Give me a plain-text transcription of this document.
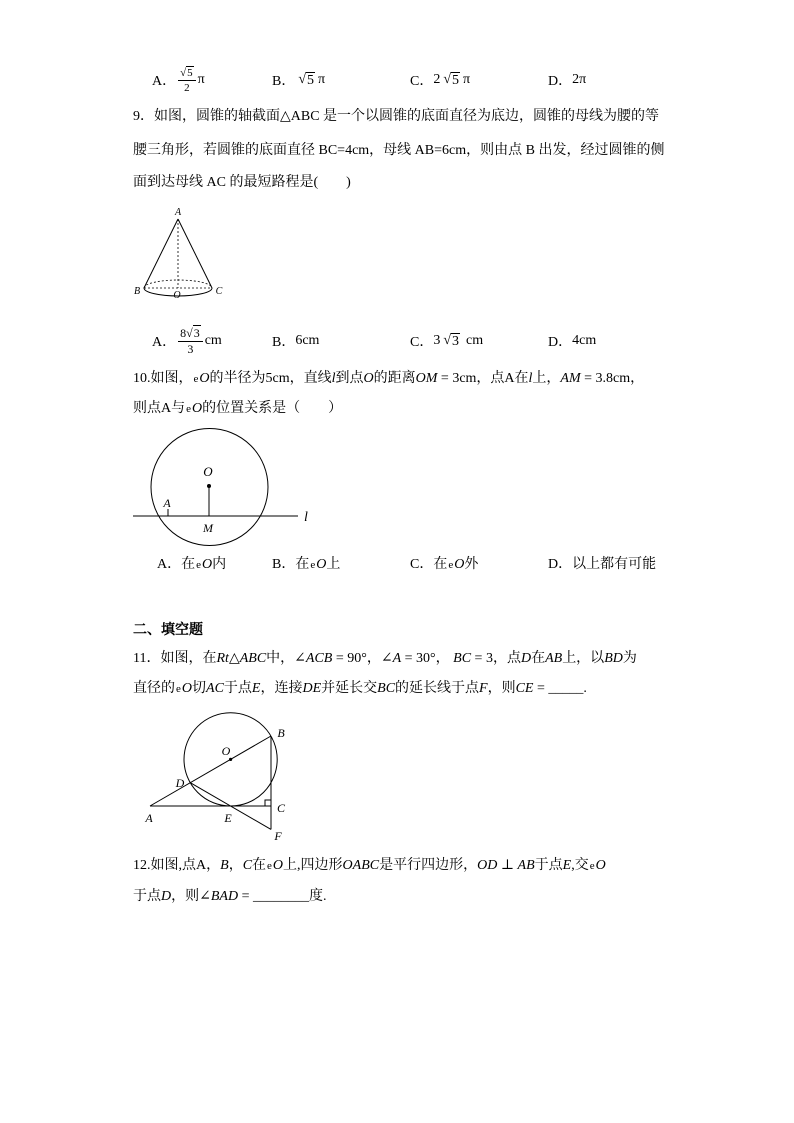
A． $\frac{√5}{2}$ π	B． √ 5 π	C． 2 √ 5 π	D． 2π
9．如图，圆锥的轴截面△ABC 是一个以圆锥的底面直径为底边，圆锥的母线为腰的等
腰三角形，若圆锥的底面直径 BC=4cm，母线 AB=6cm，则由点 B 出发，经过圆锥的侧
面到达母线 AC 的最短路程是(　　)
A
B	C
O
A． $\frac{8√3}{3}$ cm	B． 6cm	C． 3 √ 3 cm	D． 4cm
10.如图，eO的半径为5cm，直线l到点O的距离OM = 3cm，点A在l上，AM = 3.8cm，
则点A与eO的位置关系是（　　）
O
A
M
l
A．在eO内	B．在eO上	C．在eO外	D．以上都有可能
二、填空题
11．如图，在Rt△ABC中，∠ACB = 90°，∠A = 30°， BC = 3，点D在AB上，以BD为
直径的eO切AC于点E，连接DE并延长交BC的延长线于点F，则CE = _____.
O
B
D
C
A	E
F
12.如图,点A，B，C在eO上,四边形OABC是平行四边形，OD ⊥ AB于点E,交eO
于点D，则∠BAD = ________度.
